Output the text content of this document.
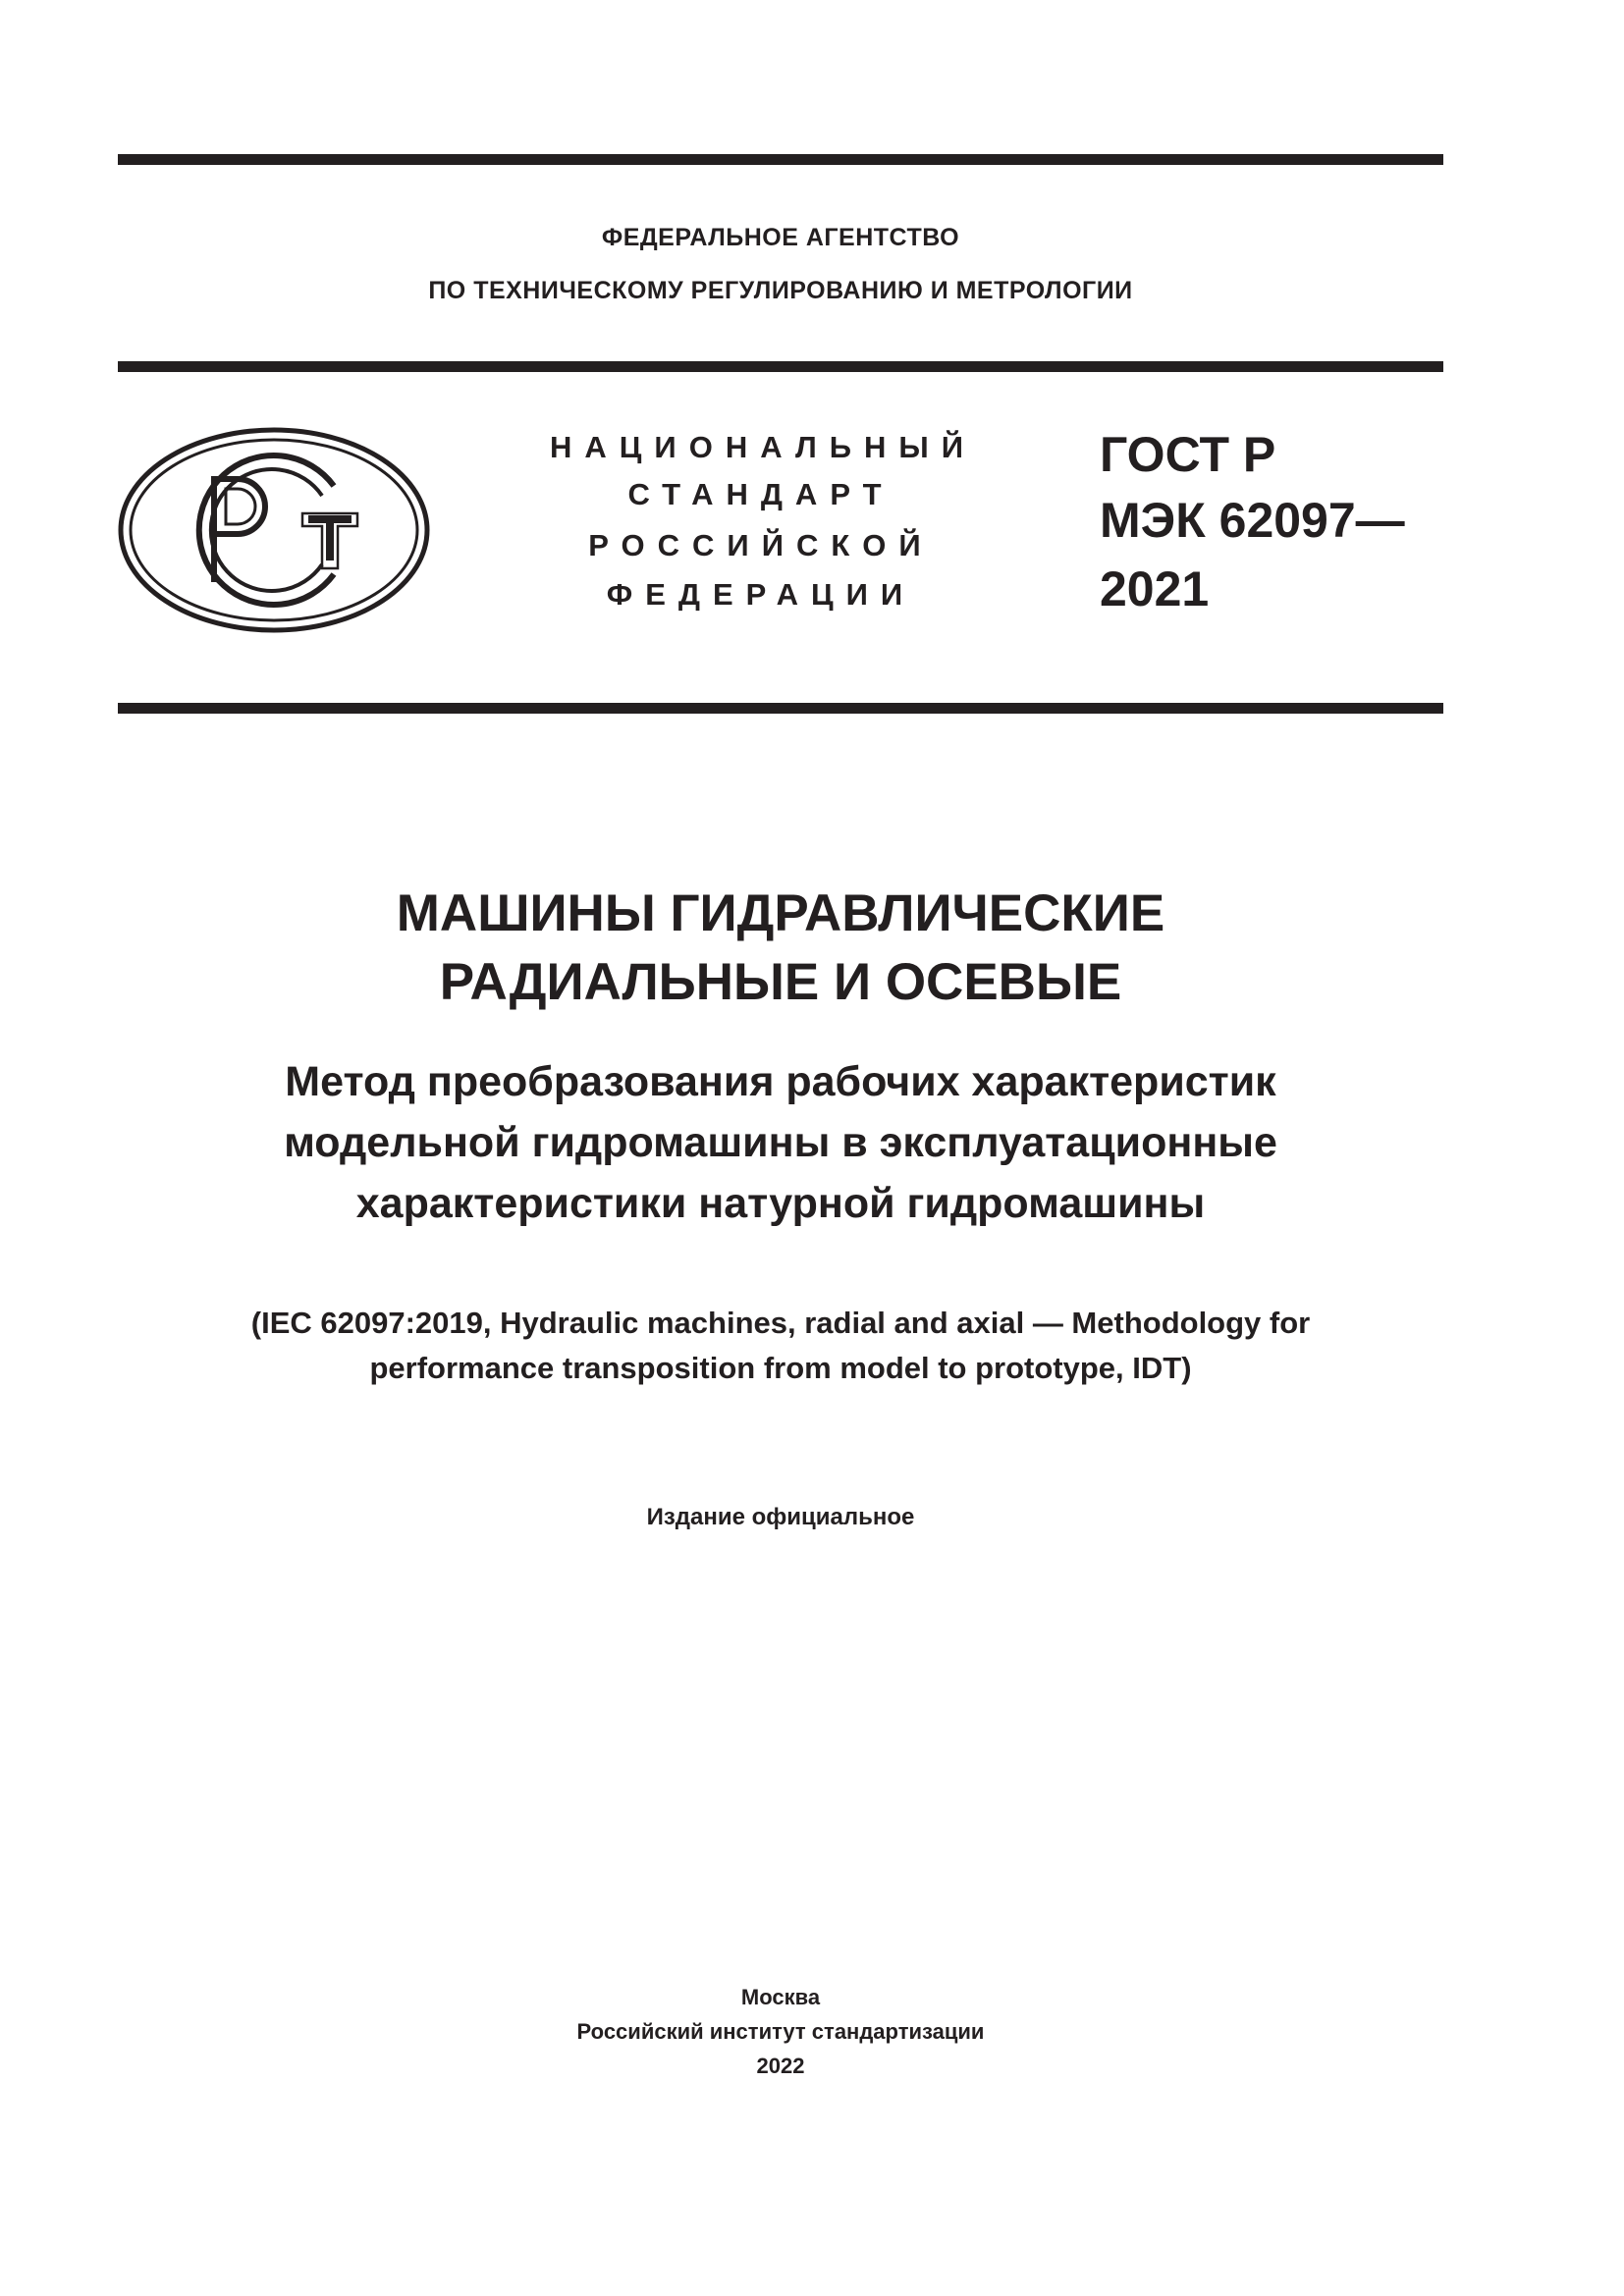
ФЕДЕРАЛЬНОЕ АГЕНТСТВО
ПО ТЕХНИЧЕСКОМУ РЕГУЛИРОВАНИЮ И МЕТРОЛОГИИ
НАЦИОНАЛЬНЫЙ
СТАНДАРТ
РОССИЙСКОЙ
ФЕДЕРАЦИИ
ГОСТ Р
МЭК 62097—
2021
МАШИНЫ ГИДРАВЛИЧЕСКИЕ
РАДИАЛЬНЫЕ И ОСЕВЫЕ
Метод преобразования рабочих характеристик
модельной гидромашины в эксплуатационные
характеристики натурной гидромашины
(IEC 62097:2019, Hydraulic machines, radial and axial — Methodology for
performance transposition from model to prototype, IDT)
Издание официальное
Москва
Российский институт стандартизации
2022
